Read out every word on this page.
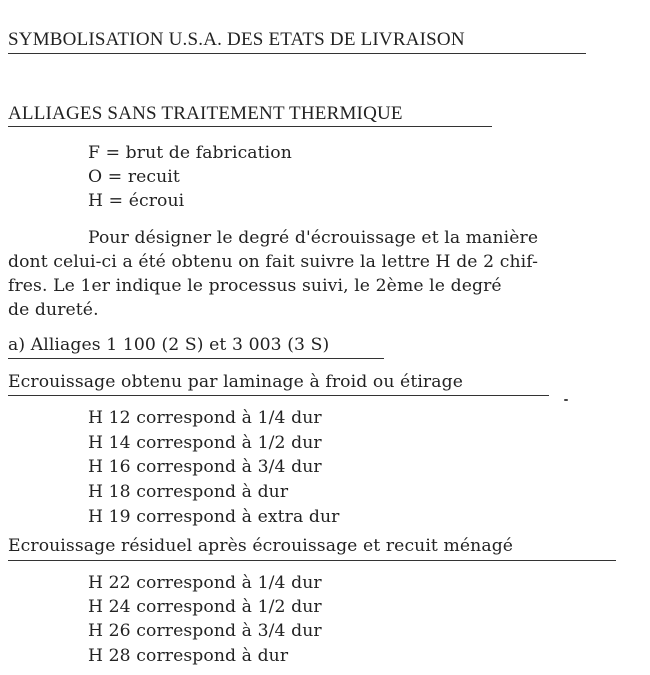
SYMBOLISATION U.S.A. DES ETATS DE LIVRAISON
ALLIAGES SANS TRAITEMENT THERMIQUE
F = brut de fabrication
O = recuit
H = écroui
Pour désigner le degré d'écrouissage et la manière
dont celui-ci a été obtenu on fait suivre la lettre H de 2 chif-
fres. Le 1er indique le processus suivi, le 2ème le degré
de dureté.
a) Alliages 1 100 (2 S) et 3 003 (3 S)
Ecrouissage obtenu par laminage à froid ou étirage
H 12 correspond à 1/4 dur
H 14 correspond à 1/2 dur
H 16 correspond à 3/4 dur
H 18 correspond à dur
H 19 correspond à extra dur
Ecrouissage résiduel après écrouissage et recuit ménagé
H 22 correspond à 1/4 dur
H 24 correspond à 1/2 dur
H 26 correspond à 3/4 dur
H 28 correspond à dur
